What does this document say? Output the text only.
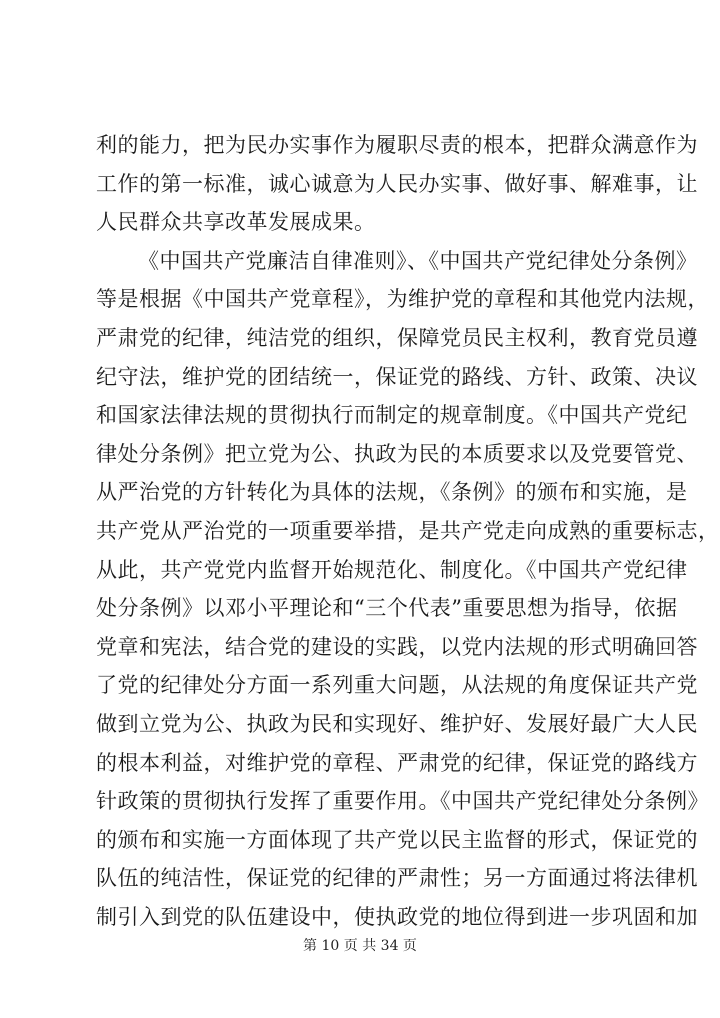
利的能力，把为民办实事作为履职尽责的根本，把群众满意作为
工作的第一标准，诚心诚意为人民办实事、做好事、解难事，让
人民群众共享改革发展成果。
《中国共产党廉洁自律准则》、《中国共产党纪律处分条例》
等是根据《中国共产党章程》，为维护党的章程和其他党内法规，
严肃党的纪律，纯洁党的组织，保障党员民主权利，教育党员遵
纪守法，维护党的团结统一，保证党的路线、方针、政策、决议
和国家法律法规的贯彻执行而制定的规章制度。《中国共产党纪
律处分条例》把立党为公、执政为民的本质要求以及党要管党、
从严治党的方针转化为具体的法规，《条例》的颁布和实施，是
共产党从严治党的一项重要举措，是共产党走向成熟的重要标志，
从此，共产党党内监督开始规范化、制度化。《中国共产党纪律
处分条例》以邓小平理论和“三个代表”重要思想为指导，依据
党章和宪法，结合党的建设的实践，以党内法规的形式明确回答
了党的纪律处分方面一系列重大问题，从法规的角度保证共产党
做到立党为公、执政为民和实现好、维护好、发展好最广大人民
的根本利益，对维护党的章程、严肃党的纪律，保证党的路线方
针政策的贯彻执行发挥了重要作用。《中国共产党纪律处分条例》
的颁布和实施一方面体现了共产党以民主监督的形式，保证党的
队伍的纯洁性，保证党的纪律的严肃性；另一方面通过将法律机
制引入到党的队伍建设中，使执政党的地位得到进一步巩固和加
第 10 页 共 34 页
